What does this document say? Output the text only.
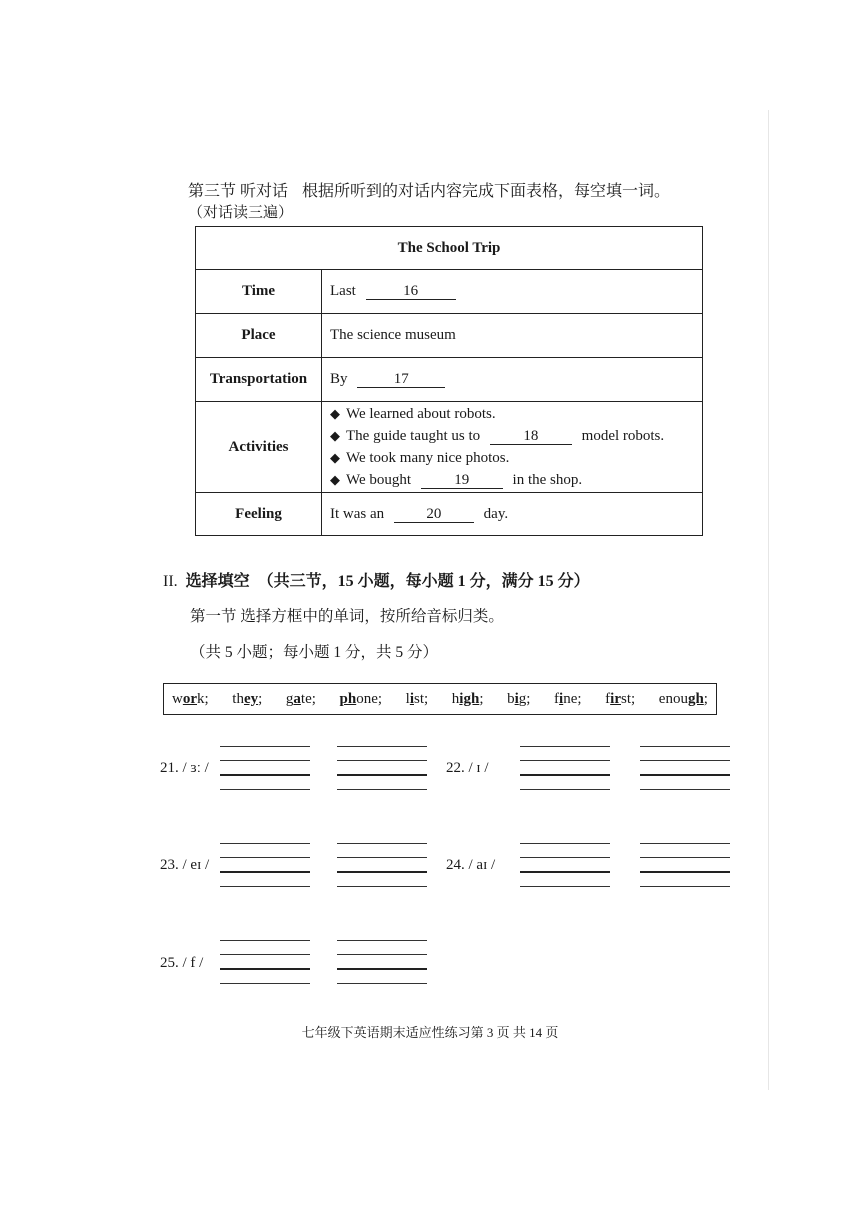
第三节 听对话 根据所听到的对话内容完成下面表格，每空填一词。
（对话读三遍）
The School Trip	
Time	Last 16
Place	The science museum
Transportation	By 17
Activities	◆ We learned about robots.
◆ The guide taught us to 18 model robots.
◆ We took many nice photos.
◆ We bought 19 in the shop.

Feeling	It was an 20 day.
II. 选择填空　（共三节，15 小题，每小题 1 分，满分 15 分）
第一节 选择方框中的单词，按所给音标归类。
（共 5 小题；每小题 1 分，共 5 分）
work; they; gate; phone; list; high; big; fine; first; enough;
21. / ɜː /	22. / ɪ /
23. / eɪ /	24. / aɪ /
25. / f /
七年级下英语期末适应性练习第 3 页 共 14 页
